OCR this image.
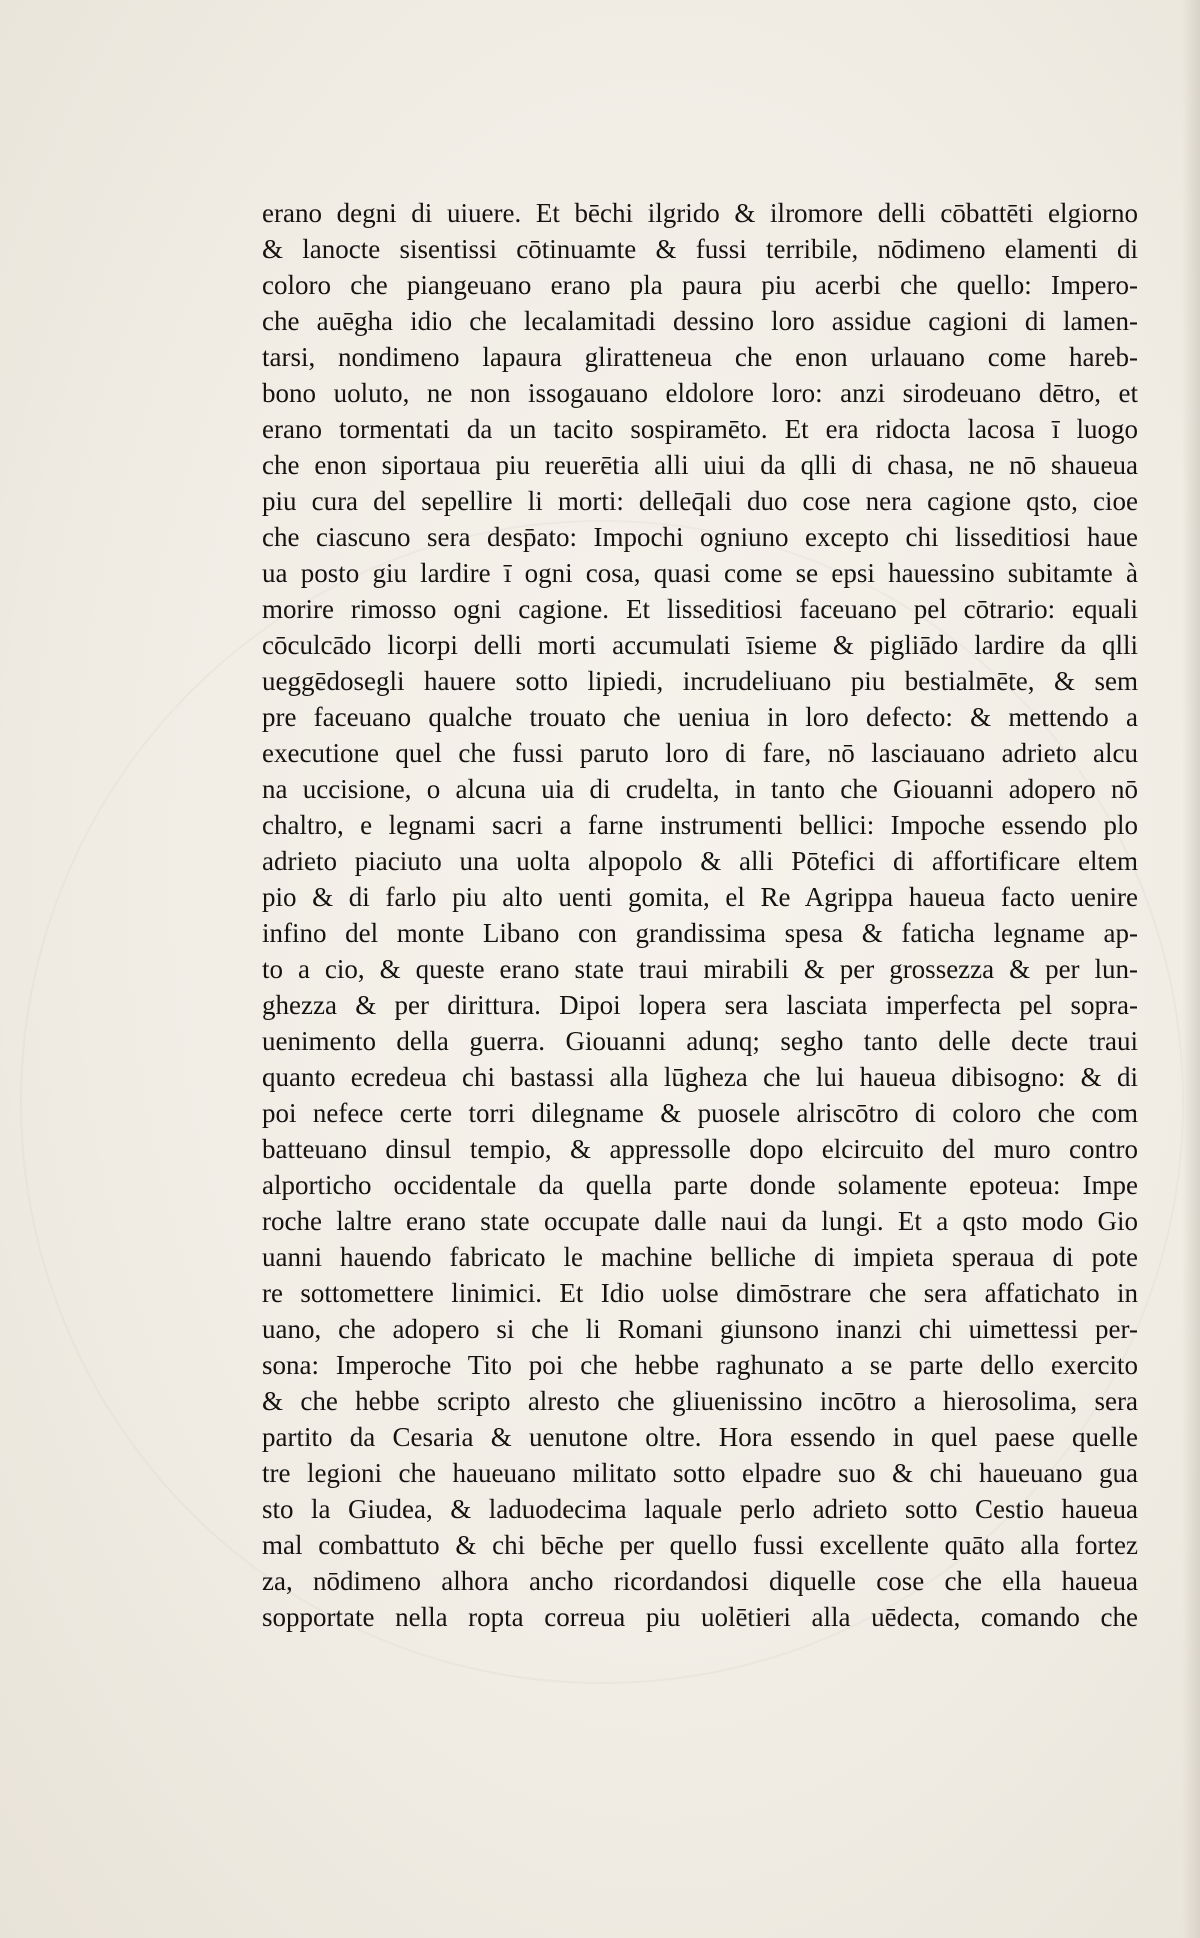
erano degni di uiuere. Et bēchi ilgrido & ilromore delli cōbattēti elgiorno
& lanocte sisentissi cōtinuamte & fussi terribile, nōdimeno elamenti di
coloro che piangeuano erano pla paura piu acerbi che quello: Impero-
che auēgha idio che lecalamitadi dessino loro assidue cagioni di lamen-
tarsi, nondimeno lapaura gliratteneua che enon urlauano come hareb-
bono uoluto, ne non issogauano eldolore loro: anzi sirodeuano dētro, et
erano tormentati da un tacito sospiramēto. Et era ridocta lacosa ī luogo
che enon siportaua piu reuerētia alli uiui da qlli di chasa, ne nō shaueua
piu cura del sepellire li morti: delleq̄ali duo cose nera cagione qsto, cioe
che ciascuno sera desp̄ato: Impochi ogniuno excepto chi lisseditiosi haue
ua posto giu lardire ī ogni cosa, quasi come se epsi hauessino subitamte à
morire rimosso ogni cagione. Et lisseditiosi faceuano pel cōtrario: equali
cōculcādo licorpi delli morti accumulati īsieme & pigliādo lardire da qlli
ueggēdosegli hauere sotto lipiedi, incrudeliuano piu bestialmēte, & sem
pre faceuano qualche trouato che ueniua in loro defecto: & mettendo a
executione quel che fussi paruto loro di fare, nō lasciauano adrieto alcu
na uccisione, o alcuna uia di crudelta, in tanto che Giouanni adopero nō
chaltro, e legnami sacri a farne instrumenti bellici: Impoche essendo plo
adrieto piaciuto una uolta alpopolo & alli Pōtefici di affortificare eltem
pio & di farlo piu alto uenti gomita, el Re Agrippa haueua facto uenire
infino del monte Libano con grandissima spesa & faticha legname ap-
to a cio, & queste erano state traui mirabili & per grossezza & per lun-
ghezza & per dirittura. Dipoi lopera sera lasciata imperfecta pel sopra-
uenimento della guerra. Giouanni adunq; segho tanto delle decte traui
quanto ecredeua chi bastassi alla lūgheza che lui haueua dibisogno: & di
poi nefece certe torri dilegname & puosele alriscōtro di coloro che com
batteuano dinsul tempio, & appressolle dopo elcircuito del muro contro
alporticho occidentale da quella parte donde solamente epoteua: Impe
roche laltre erano state occupate dalle naui da lungi. Et a qsto modo Gio
uanni hauendo fabricato le machine belliche di impieta speraua di pote
re sottomettere linimici. Et Idio uolse dimōstrare che sera affatichato in
uano, che adopero si che li Romani giunsono inanzi chi uimettessi per-
sona: Imperoche Tito poi che hebbe raghunato a se parte dello exercito
& che hebbe scripto alresto che gliuenissino incōtro a hierosolima, sera
partito da Cesaria & uenutone oltre. Hora essendo in quel paese quelle
tre legioni che haueuano militato sotto elpadre suo & chi haueuano gua
sto la Giudea, & laduodecima laquale perlo adrieto sotto Cestio haueua
mal combattuto & chi bēche per quello fussi excellente quāto alla fortez
za, nōdimeno alhora ancho ricordandosi diquelle cose che ella haueua
sopportate nella ropta correua piu uolētieri alla uēdecta, comando che
